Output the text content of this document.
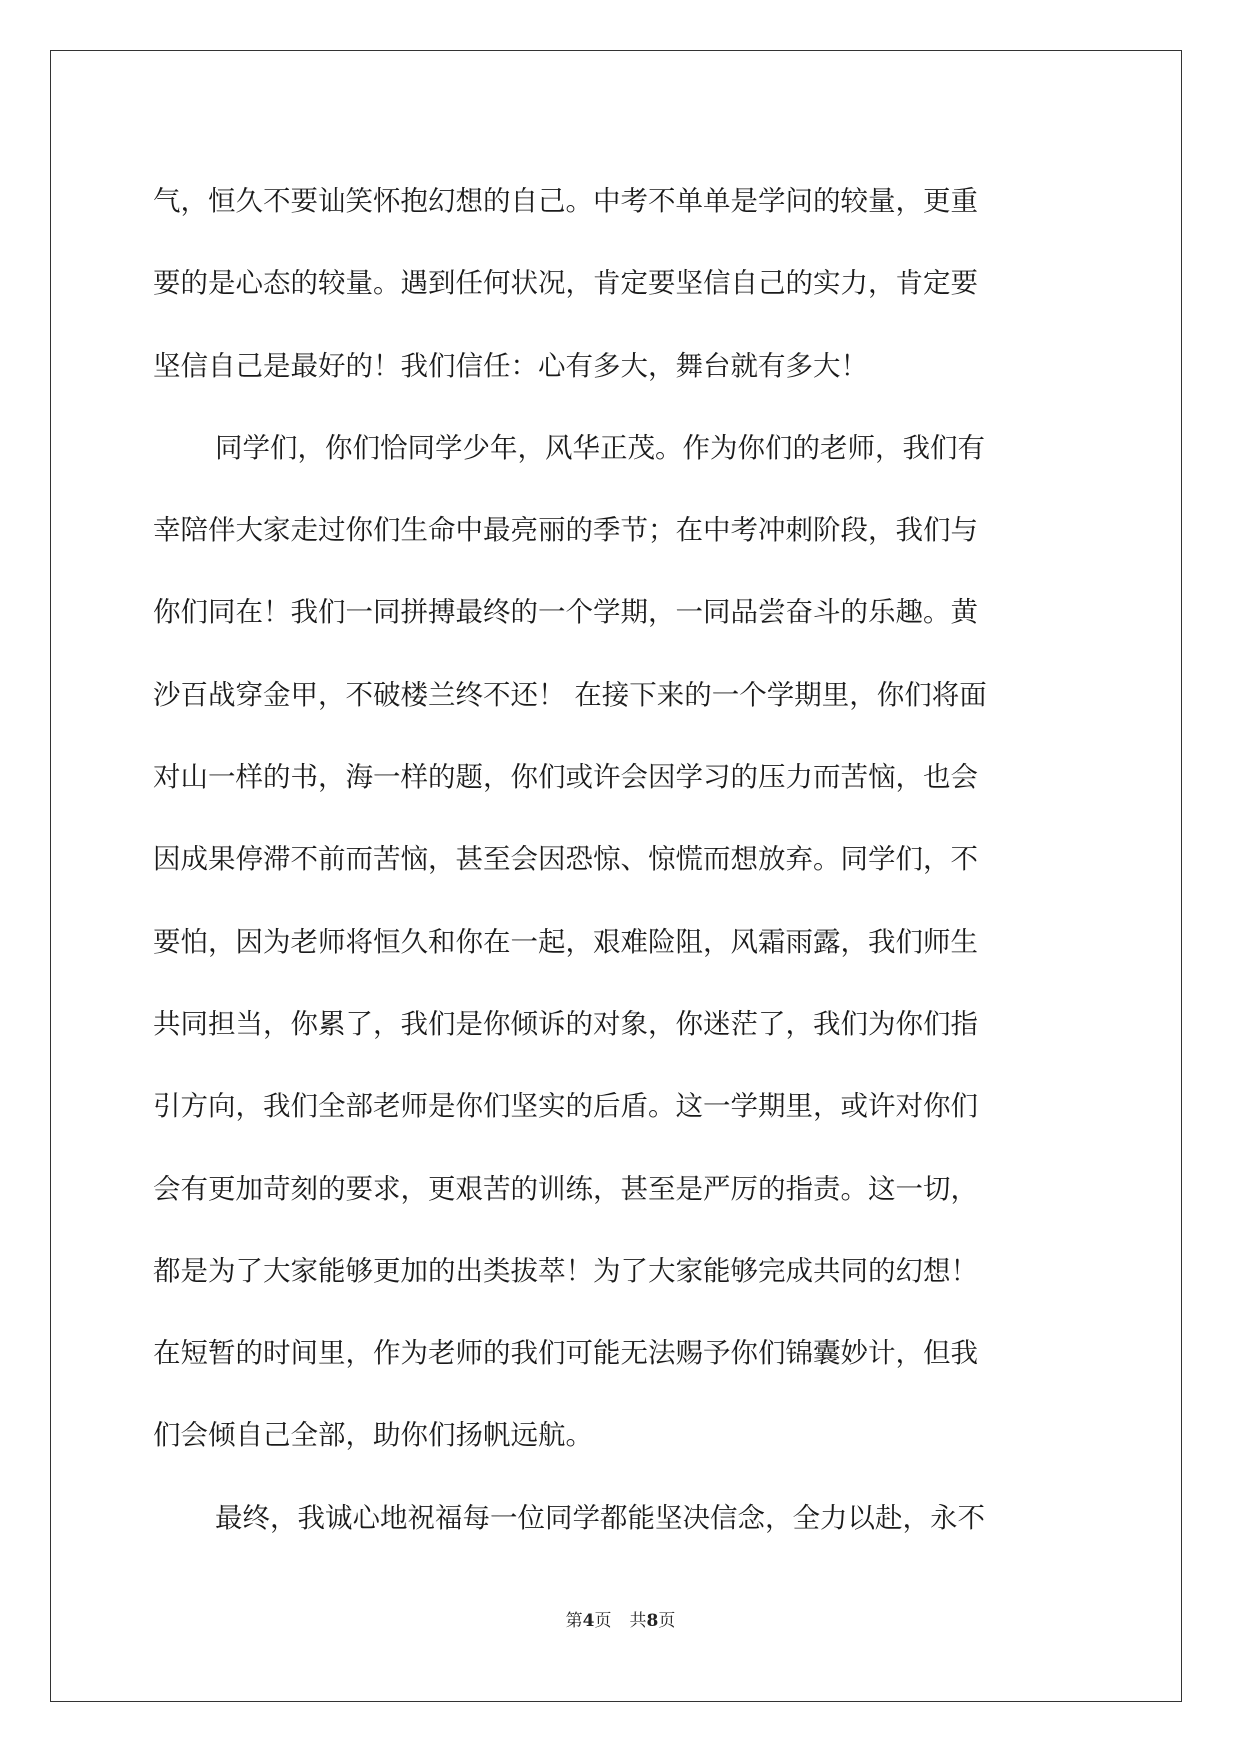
气，恒久不要讪笑怀抱幻想的自己。中考不单单是学问的较量，更重
要的是心态的较量。遇到任何状况，肯定要坚信自己的实力，肯定要
坚信自己是最好的！我们信任：心有多大，舞台就有多大！
同学们，你们恰同学少年，风华正茂。作为你们的老师，我们有
幸陪伴大家走过你们生命中最亮丽的季节；在中考冲刺阶段，我们与
你们同在！我们一同拼搏最终的一个学期，一同品尝奋斗的乐趣。黄
沙百战穿金甲，不破楼兰终不还！ 在接下来的一个学期里，你们将面
对山一样的书，海一样的题，你们或许会因学习的压力而苦恼，也会
因成果停滞不前而苦恼，甚至会因恐惊、惊慌而想放弃。同学们，不
要怕，因为老师将恒久和你在一起，艰难险阻，风霜雨露，我们师生
共同担当，你累了，我们是你倾诉的对象，你迷茫了，我们为你们指
引方向，我们全部老师是你们坚实的后盾。这一学期里，或许对你们
会有更加苛刻的要求，更艰苦的训练，甚至是严厉的指责。这一切，
都是为了大家能够更加的出类拔萃！为了大家能够完成共同的幻想！
在短暂的时间里，作为老师的我们可能无法赐予你们锦囊妙计，但我
们会倾自己全部，助你们扬帆远航。
最终，我诚心地祝福每一位同学都能坚决信念，全力以赴，永不
第4页 共8页
